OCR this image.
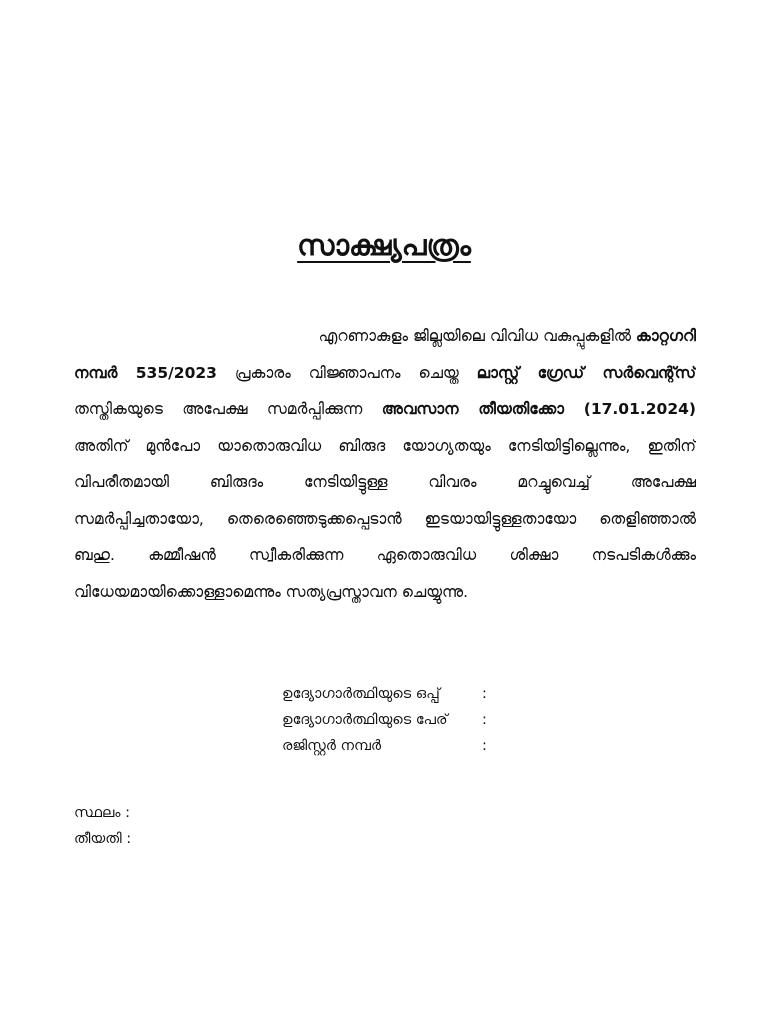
സാക്ഷ്യപത്രം
എറണാകുളം ജില്ലയിലെ വിവിധ വകുപ്പുകളിൽ കാറ്റഗറി
നമ്പർ 535/2023 പ്രകാരം വിജ്ഞാപനം ചെയ്ത ലാസ്റ്റ് ഗ്രേഡ് സർവെന്റ്സ്
തസ്തികയുടെ അപേക്ഷ സമർപ്പിക്കുന്ന അവസാന തീയതിക്കോ (17.01.2024)
അതിന് മുൻപോ യാതൊരുവിധ ബിരുദ യോഗ്യതയും നേടിയിട്ടില്ലെന്നും, ഇതിന്
വിപരീതമായി ബിരുദം നേടിയിട്ടുള്ള വിവരം മറച്ചുവെച്ച് അപേക്ഷ
സമർപ്പിച്ചതായോ, തെരെഞ്ഞെടുക്കപ്പെടാൻ ഇടയായിട്ടുള്ളതായോ തെളിഞ്ഞാൽ
ബഹു. കമ്മീഷൻ സ്വീകരിക്കുന്ന ഏതൊരുവിധ ശിക്ഷാ നടപടികൾക്കും
വിധേയമായിക്കൊള്ളാമെന്നും സത്യപ്രസ്താവന ചെയ്യുന്നു.
ഉദ്യോഗാർത്ഥിയുടെ ഒപ്പ്	:
ഉദ്യോഗാർത്ഥിയുടെ പേര്	:
രജിസ്റ്റർ നമ്പർ	:
സ്ഥലം :
തീയതി :
